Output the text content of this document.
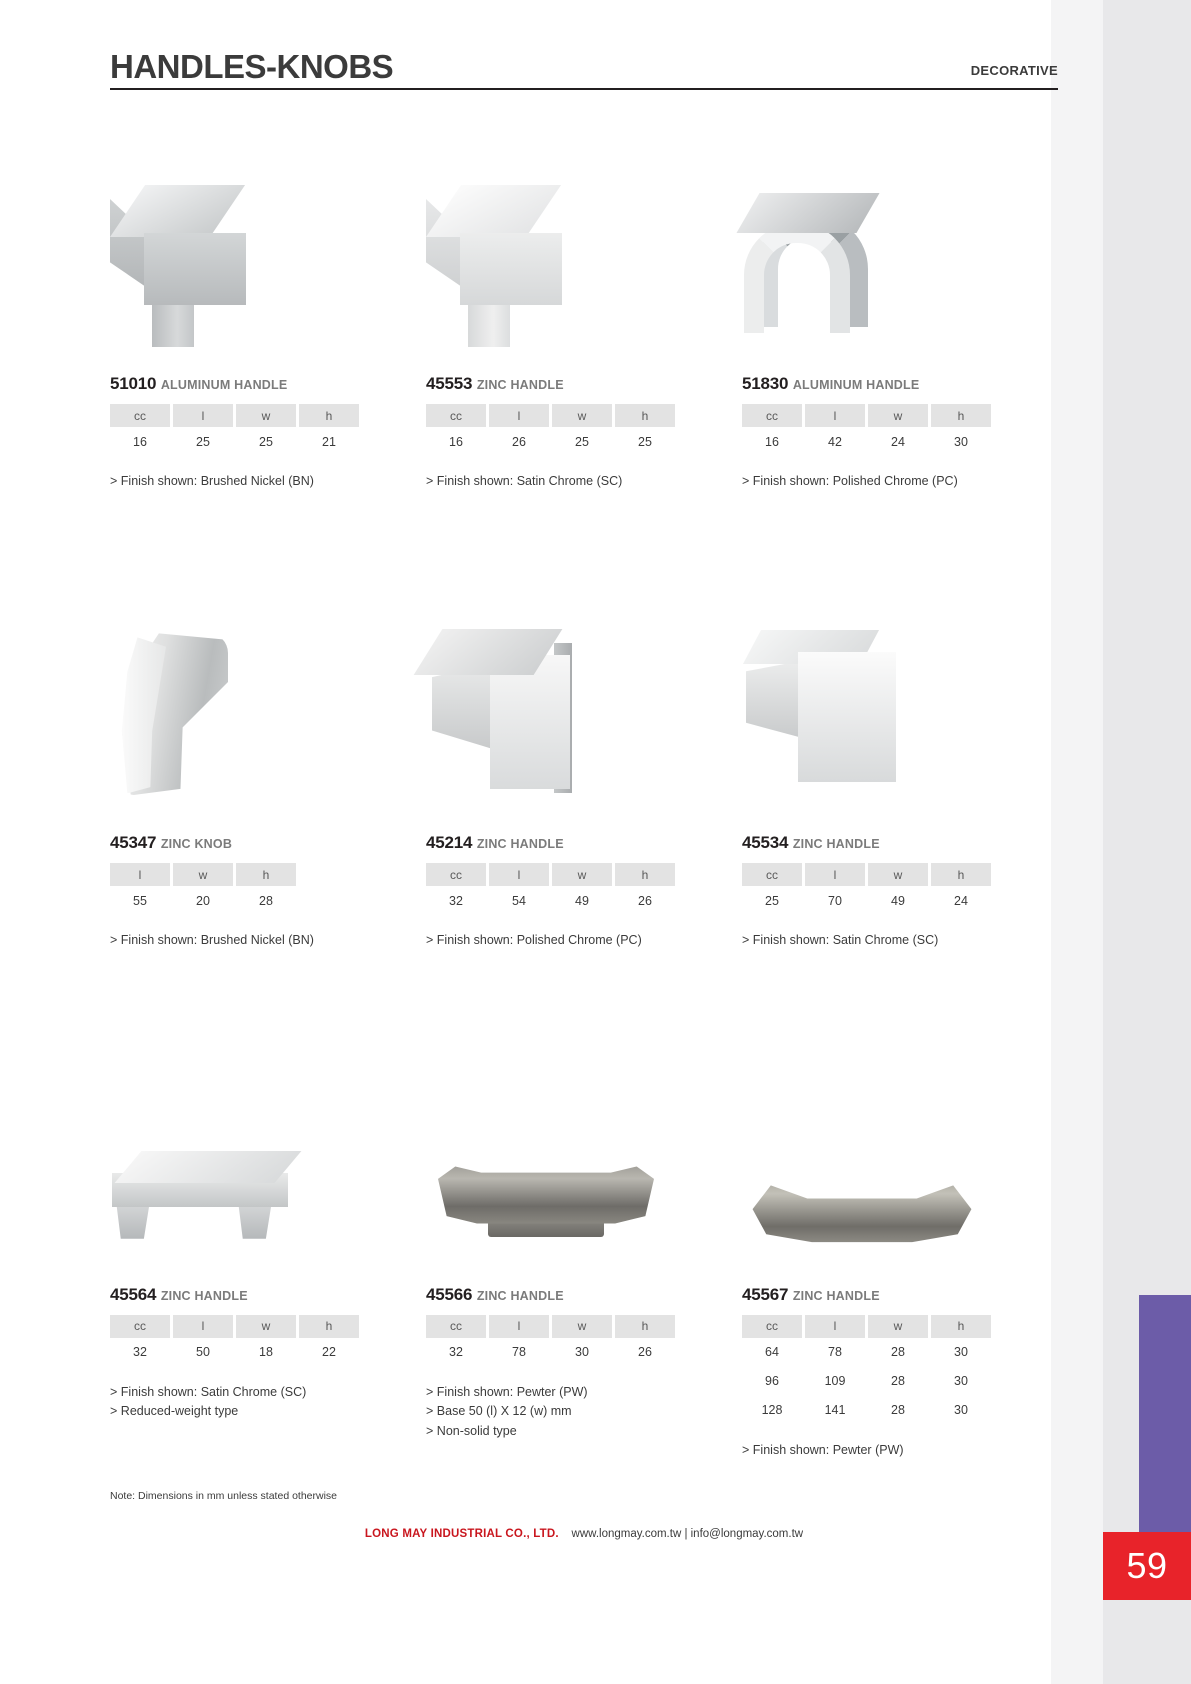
59
HANDLES-KNOBS	DECORATIVE
51010 ALUMINUM HANDLE
cc	l	w	h
16	25	25	21
> Finish shown: Brushed Nickel (BN)
45553 ZINC HANDLE
cc	l	w	h
16	26	25	25
> Finish shown: Satin Chrome (SC)
51830 ALUMINUM HANDLE
cc	l	w	h
16	42	24	30
> Finish shown: Polished Chrome (PC)
45347 ZINC KNOB
l	w	h
55	20	28
> Finish shown: Brushed Nickel (BN)
45214 ZINC HANDLE
cc	l	w	h
32	54	49	26
> Finish shown: Polished Chrome (PC)
45534 ZINC HANDLE
cc	l	w	h
25	70	49	24
> Finish shown: Satin Chrome (SC)
45564 ZINC HANDLE
cc	l	w	h
32	50	18	22
> Finish shown: Satin Chrome (SC)
> Reduced-weight type
45566 ZINC HANDLE
cc	l	w	h
32	78	30	26
> Finish shown: Pewter (PW)
> Base 50 (l) X 12 (w) mm
> Non-solid type
45567 ZINC HANDLE
cc	l	w	h
64	78	28	30
96	109	28	30
128	141	28	30
> Finish shown: Pewter (PW)
Note: Dimensions in mm unless stated otherwise
LONG MAY INDUSTRIAL CO., LTD. www.longmay.com.tw | info@longmay.com.tw
